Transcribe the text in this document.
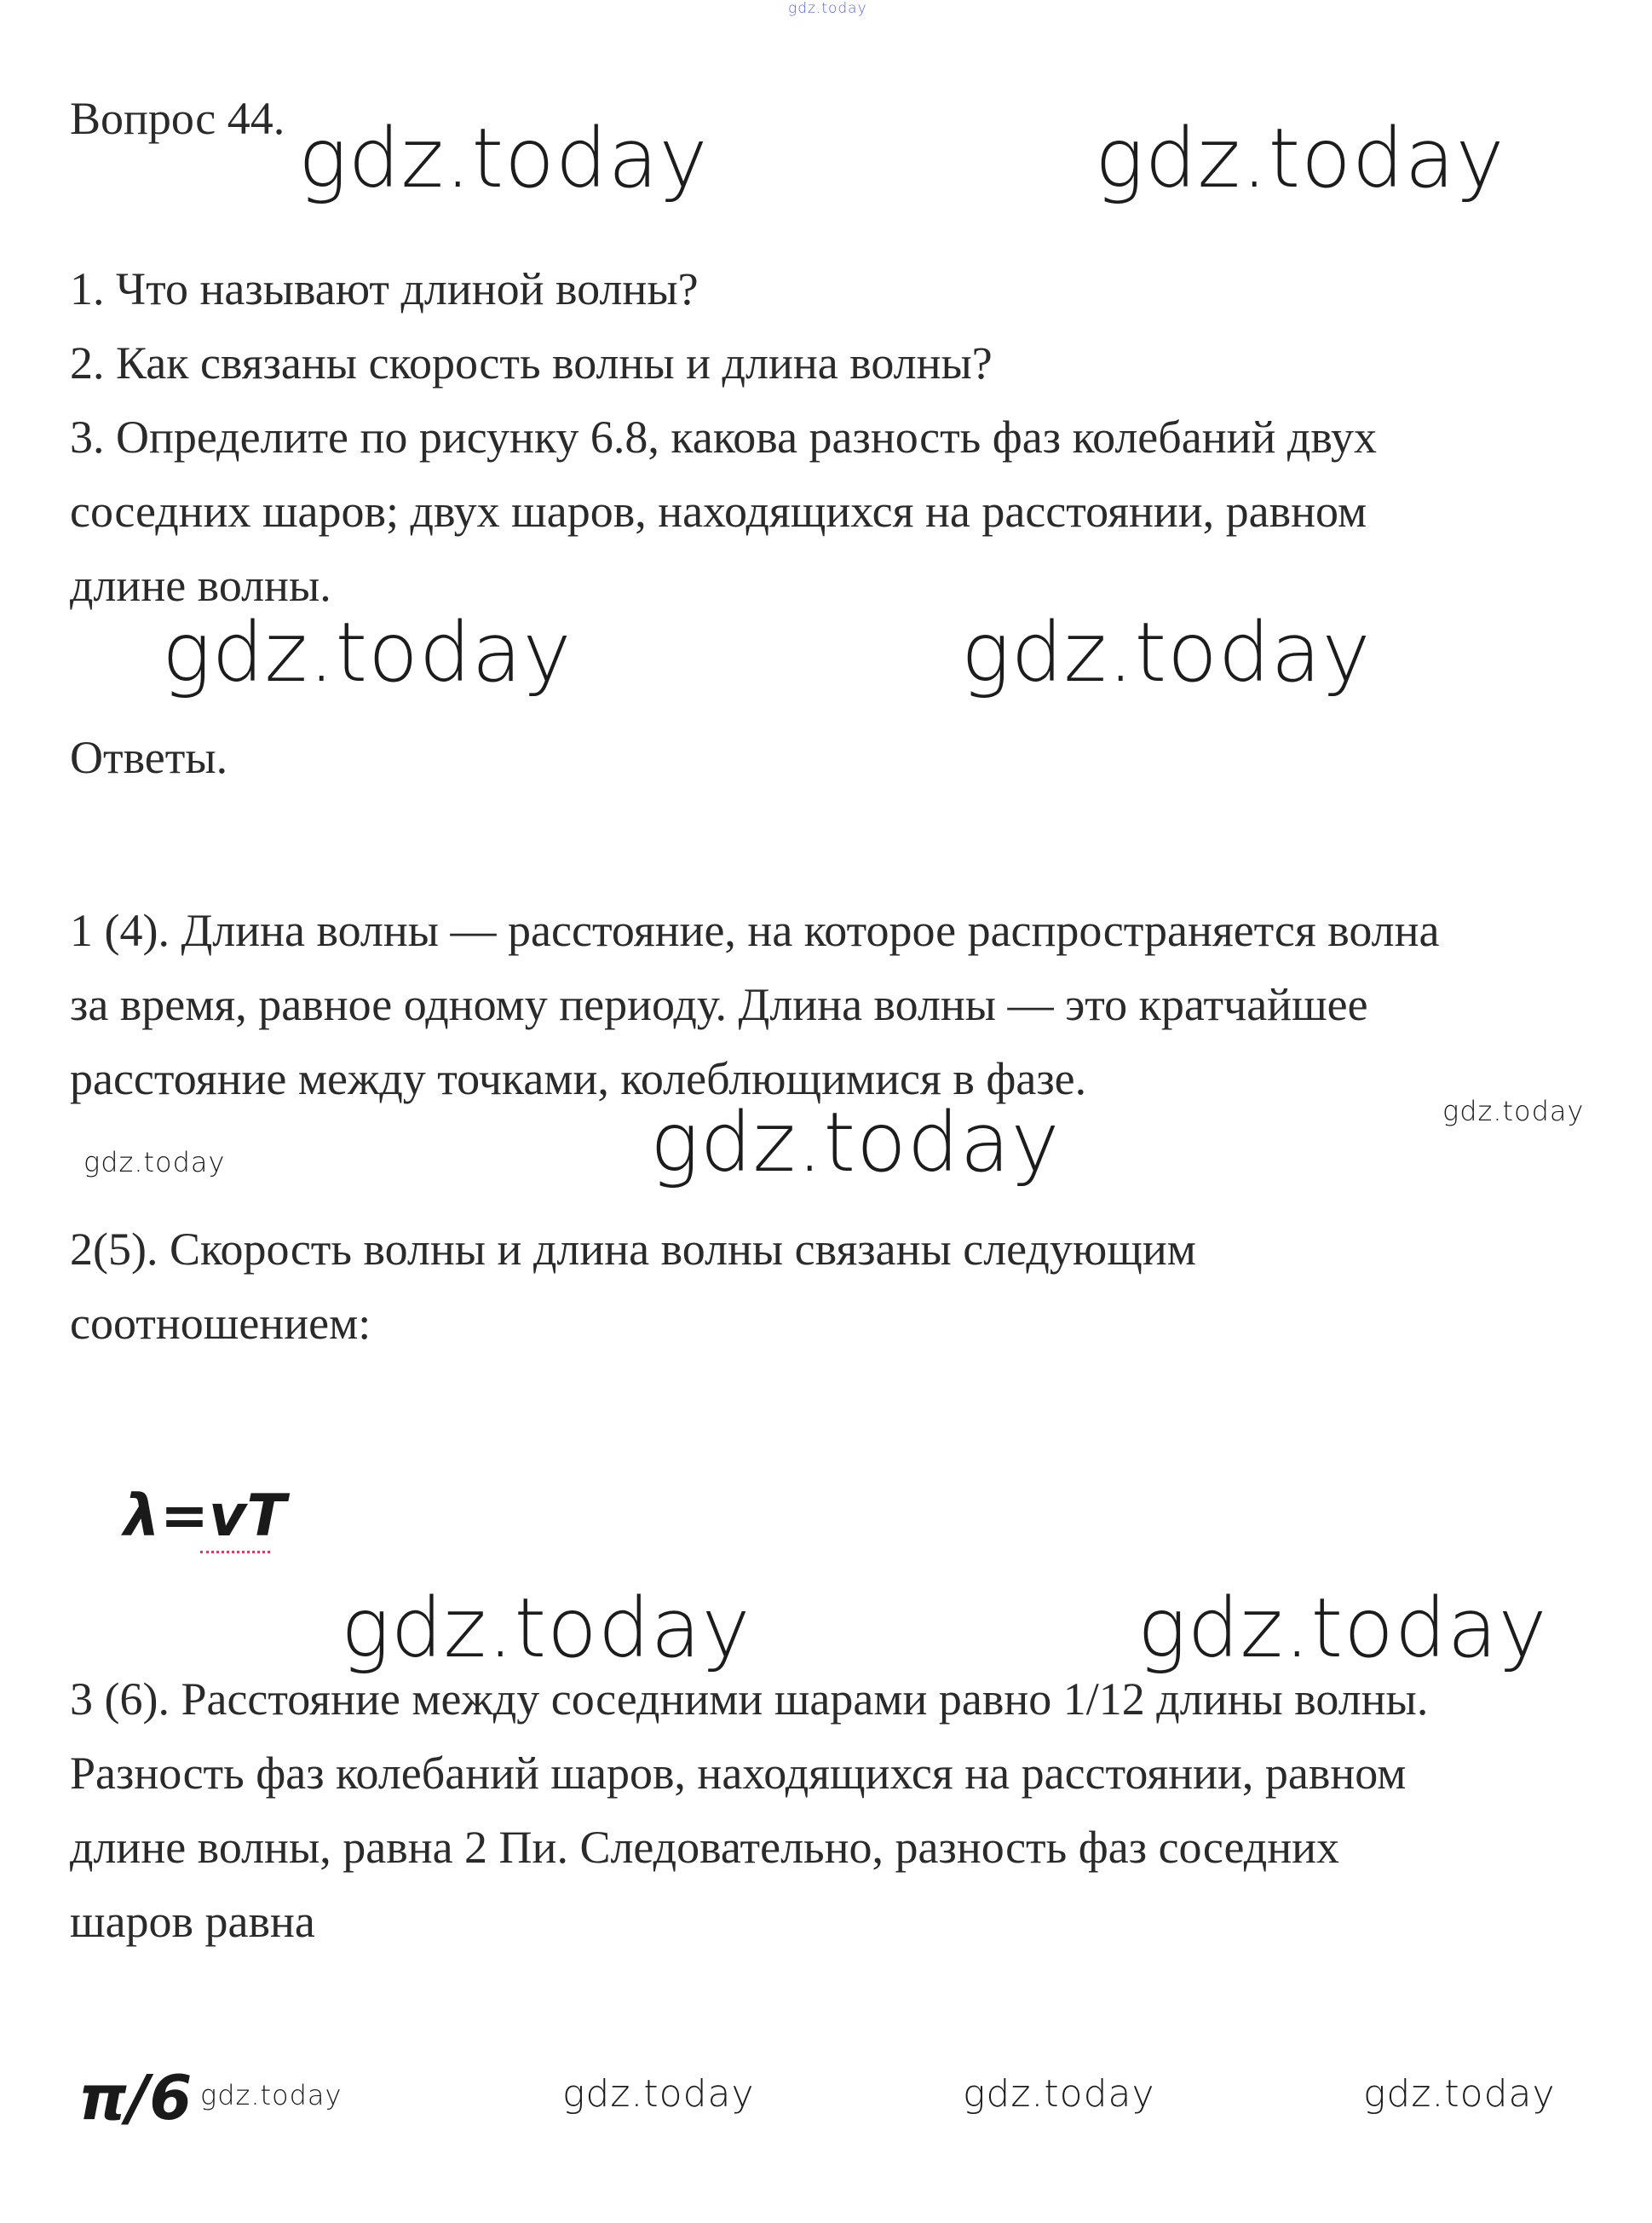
gdz.today
Вопрос 44. gdz.today	gdz.today
1. Что называют длиной волны?
2. Как связаны скорость волны и длина волны?
3. Определите по рисунку 6.8, какова разность фаз колебаний двух
соседних шаров; двух шаров, находящихся на расстоянии, равном
длине волны.
gdz.today	gdz.today
Ответы.
1 (4). Длина волны — расстояние, на которое распространяется волна
за время, равное одному периоду. Длина волны — это кратчайшее
расстояние между точками, колеблющимися в фазе.
gdz.today
gdz.today
gdz.today
2(5). Скорость волны и длина волны связаны следующим
соотношением:
λ=vT
gdz.today	gdz.today
3 (6). Расстояние между соседними шарами равно 1/12 длины волны.
Разность фаз колебаний шаров, находящихся на расстоянии, равном
длине волны, равна 2 Пи. Следовательно, разность фаз соседних
шаров равна
π/6 gdz.today	gdz.today	gdz.today	gdz.today
